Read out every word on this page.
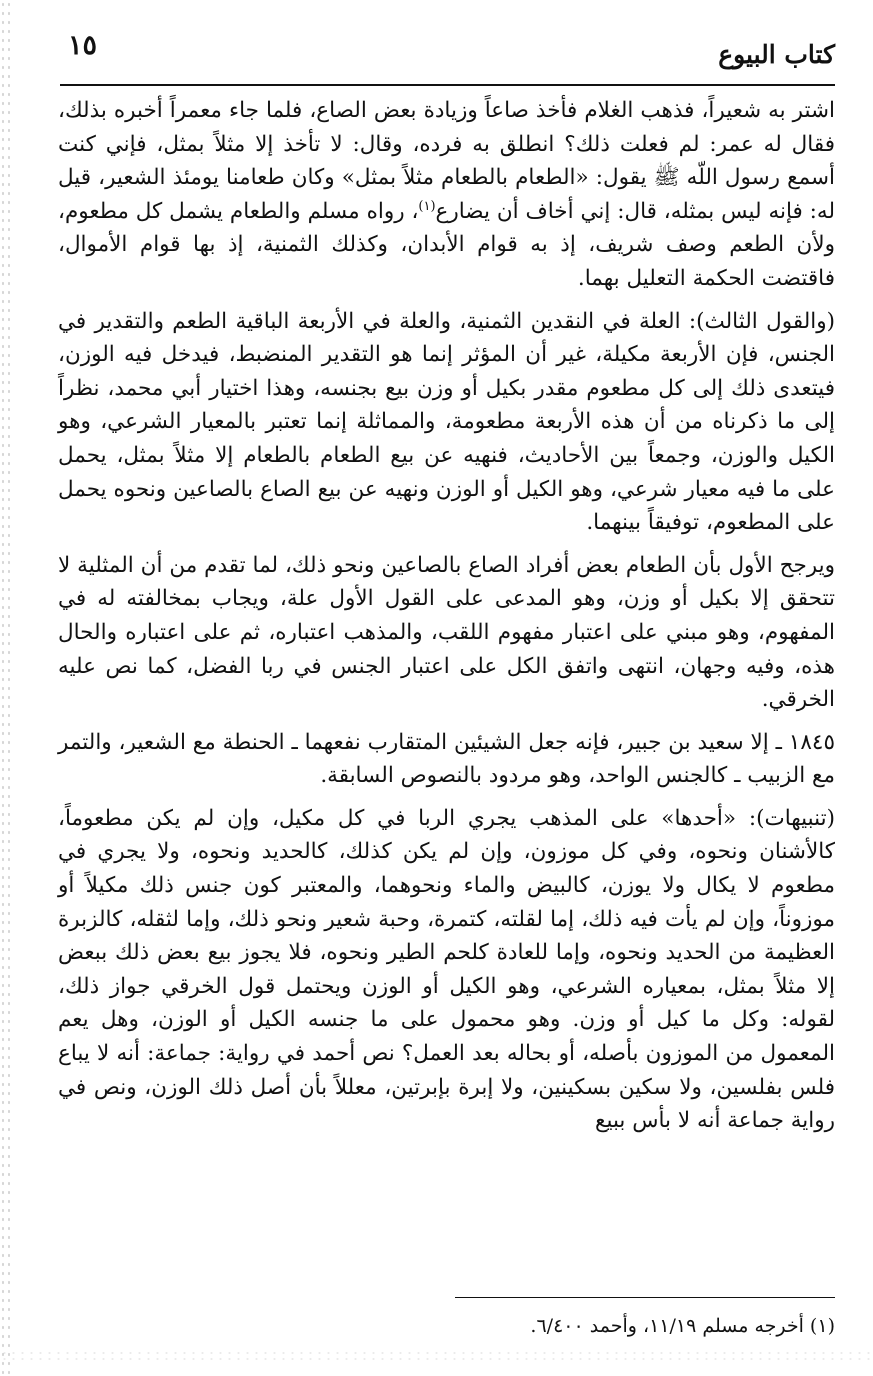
كتاب البيوع
١٥

اشتر به شعيراً، فذهب الغلام فأخذ صاعاً وزيادة بعض الصاع، فلما جاء معمراً أخبره بذلك، فقال له عمر: لم فعلت ذلك؟ انطلق به فرده، وقال: لا تأخذ إلا مثلاً بمثل، فإني كنت أسمع رسول اللّه ﷺ يقول: «الطعام بالطعام مثلاً بمثل» وكان طعامنا يومئذ الشعير، قيل له: فإنه ليس بمثله، قال: إني أخاف أن يضارع$^{(١)}$، رواه مسلم والطعام يشمل كل مطعوم، ولأن الطعم وصف شريف، إذ به قوام الأبدان، وكذلك الثمنية، إذ بها قوام الأموال، فاقتضت الحكمة التعليل بهما.

(والقول الثالث): العلة في النقدين الثمنية، والعلة في الأربعة الباقية الطعم والتقدير في الجنس، فإن الأربعة مكيلة، غير أن المؤثر إنما هو التقدير المنضبط، فيدخل فيه الوزن، فيتعدى ذلك إلى كل مطعوم مقدر بكيل أو وزن بيع بجنسه، وهذا اختيار أبي محمد، نظراً إلى ما ذكرناه من أن هذه الأربعة مطعومة، والمماثلة إنما تعتبر بالمعيار الشرعي، وهو الكيل والوزن، وجمعاً بين الأحاديث، فنهيه عن بيع الطعام بالطعام إلا مثلاً بمثل، يحمل على ما فيه معيار شرعي، وهو الكيل أو الوزن ونهيه عن بيع الصاع بالصاعين ونحوه يحمل على المطعوم، توفيقاً بينهما.

ويرجح الأول بأن الطعام بعض أفراد الصاع بالصاعين ونحو ذلك، لما تقدم من أن المثلية لا تتحقق إلا بكيل أو وزن، وهو المدعى على القول الأول علة، ويجاب بمخالفته له في المفهوم، وهو مبني على اعتبار مفهوم اللقب، والمذهب اعتباره، ثم على اعتباره والحال هذه، وفيه وجهان، انتهى واتفق الكل على اعتبار الجنس في ربا الفضل، كما نص عليه الخرقي.

١٨٤٥ ـ إلا سعيد بن جبير، فإنه جعل الشيئين المتقارب نفعهما ـ الحنطة مع الشعير، والتمر مع الزبيب ـ كالجنس الواحد، وهو مردود بالنصوص السابقة.

(تنبيهات): «أحدها» على المذهب يجري الربا في كل مكيل، وإن لم يكن مطعوماً، كالأشنان ونحوه، وفي كل موزون، وإن لم يكن كذلك، كالحديد ونحوه، ولا يجري في مطعوم لا يكال ولا يوزن، كالبيض والماء ونحوهما، والمعتبر كون جنس ذلك مكيلاً أو موزوناً، وإن لم يأت فيه ذلك، إما لقلته، كتمرة، وحبة شعير ونحو ذلك، وإما لثقله، كالزبرة العظيمة من الحديد ونحوه، وإما للعادة كلحم الطير ونحوه، فلا يجوز بيع بعض ذلك ببعض إلا مثلاً بمثل، بمعياره الشرعي، وهو الكيل أو الوزن ويحتمل قول الخرقي جواز ذلك، لقوله: وكل ما كيل أو وزن. وهو محمول على ما جنسه الكيل أو الوزن، وهل يعم المعمول من الموزون بأصله، أو بحاله بعد العمل؟ نص أحمد في رواية: جماعة: أنه لا يباع فلس بفلسين، ولا سكين بسكينين، ولا إبرة بإبرتين، معللاً بأن أصل ذلك الوزن، ونص في رواية جماعة أنه لا بأس ببيع

(١) أخرجه مسلم ١١/١٩، وأحمد ٦/٤٠٠.
